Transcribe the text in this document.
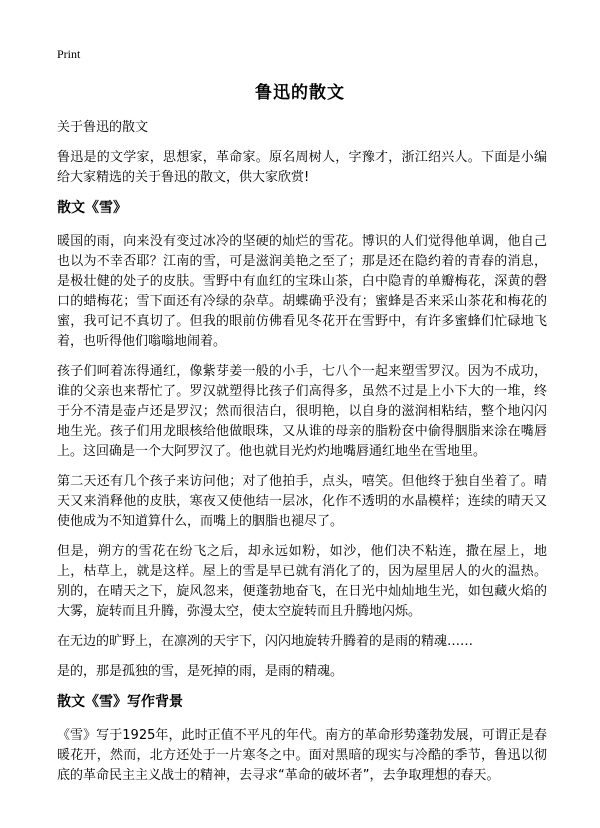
Print
鲁迅的散文

关于鲁迅的散文

鲁迅是的文学家，思想家，革命家。原名周树人，字豫才，浙江绍兴人。下面是小编给大家精选的关于鲁迅的散文，供大家欣赏!

散文《雪》

暖国的雨，向来没有变过冰冷的坚硬的灿烂的雪花。博识的人们觉得他单调，他自己也以为不幸否耶？江南的雪，可是滋润美艳之至了；那是还在隐约着的青春的消息，是极壮健的处子的皮肤。雪野中有血红的宝珠山茶，白中隐青的单瓣梅花，深黄的磬口的蜡梅花；雪下面还有冷绿的杂草。胡蝶确乎没有；蜜蜂是否来采山茶花和梅花的蜜，我可记不真切了。但我的眼前仿佛看见冬花开在雪野中，有许多蜜蜂们忙碌地飞着，也听得他们嗡嗡地闹着。

孩子们呵着冻得通红，像紫芽姜一般的小手，七八个一起来塑雪罗汉。因为不成功，谁的父亲也来帮忙了。罗汉就塑得比孩子们高得多，虽然不过是上小下大的一堆，终于分不清是壶卢还是罗汉；然而很洁白，很明艳，以自身的滋润相粘结，整个地闪闪地生光。孩子们用龙眼核给他做眼珠，又从谁的母亲的脂粉奁中偷得胭脂来涂在嘴唇上。这回确是一个大阿罗汉了。他也就目光灼灼地嘴唇通红地坐在雪地里。

第二天还有几个孩子来访问他；对了他拍手，点头，嘻笑。但他终于独自坐着了。晴天又来消释他的皮肤，寒夜又使他结一层冰，化作不透明的水晶模样；连续的晴天又使他成为不知道算什么，而嘴上的胭脂也褪尽了。

但是，朔方的雪花在纷飞之后，却永远如粉，如沙，他们决不粘连，撒在屋上，地上，枯草上，就是这样。屋上的雪是早已就有消化了的，因为屋里居人的火的温热。别的，在晴天之下，旋风忽来，便蓬勃地奋飞，在日光中灿灿地生光，如包藏火焰的大雾，旋转而且升腾，弥漫太空，使太空旋转而且升腾地闪烁。

在无边的旷野上，在凛冽的天宇下，闪闪地旋转升腾着的是雨的精魂……

是的，那是孤独的雪，是死掉的雨，是雨的精魂。

散文《雪》写作背景

《雪》写于1925年，此时正值不平凡的年代。南方的革命形势蓬勃发展，可谓正是春暖花开，然而，北方还处于一片寒冬之中。面对黑暗的现实与冷酷的季节，鲁迅以彻底的革命民主主义战士的精神，去寻求“革命的破坏者”，去争取理想的春天。
